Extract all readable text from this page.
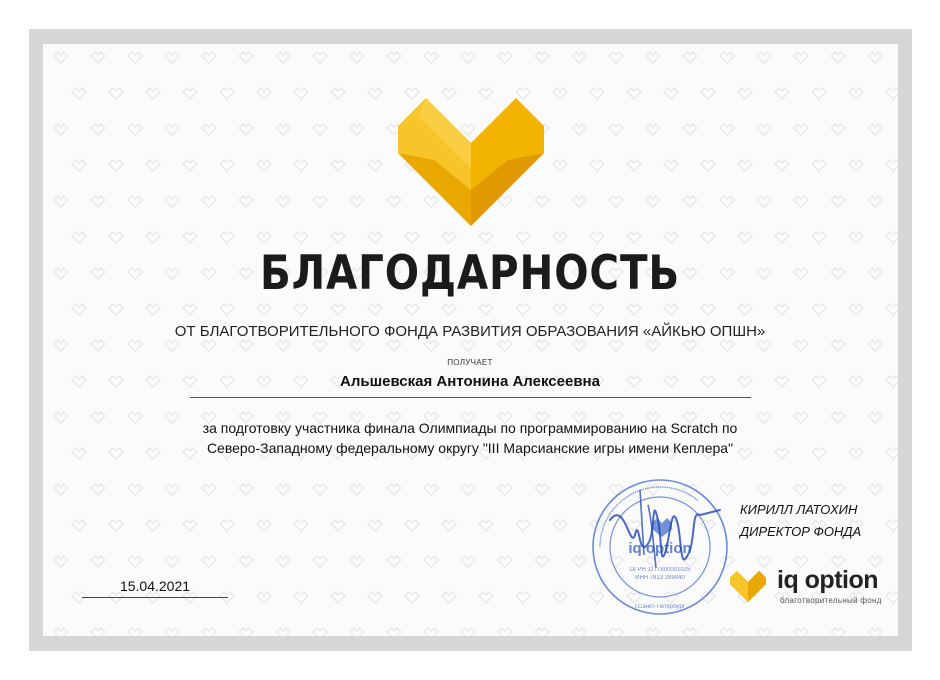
БЛАГОДАРНОСТЬ
ОТ БЛАГОТВОРИТЕЛЬНОГО ФОНДА РАЗВИТИЯ ОБРАЗОВАНИЯ «АЙКЬЮ ОПШН»
ПОЛУЧАЕТ
Альшевская Антонина Алексеевна
за подготовку участника финала Олимпиады по программированию на Scratch по
Северо-Западному федеральному округу "III Марсианские игры имени Кеплера"
••••••••••••••••••••••••••••••••••••••••••••••••••••••••••••••
iq option
ОГРН 1177800001025
ИНН 7813 289040
г.Санкт-Петербург
КИРИЛЛ ЛАТОХИН
ДИРЕКТОР ФОНДА
15.04.2021	iq option
благотворительный фонд
